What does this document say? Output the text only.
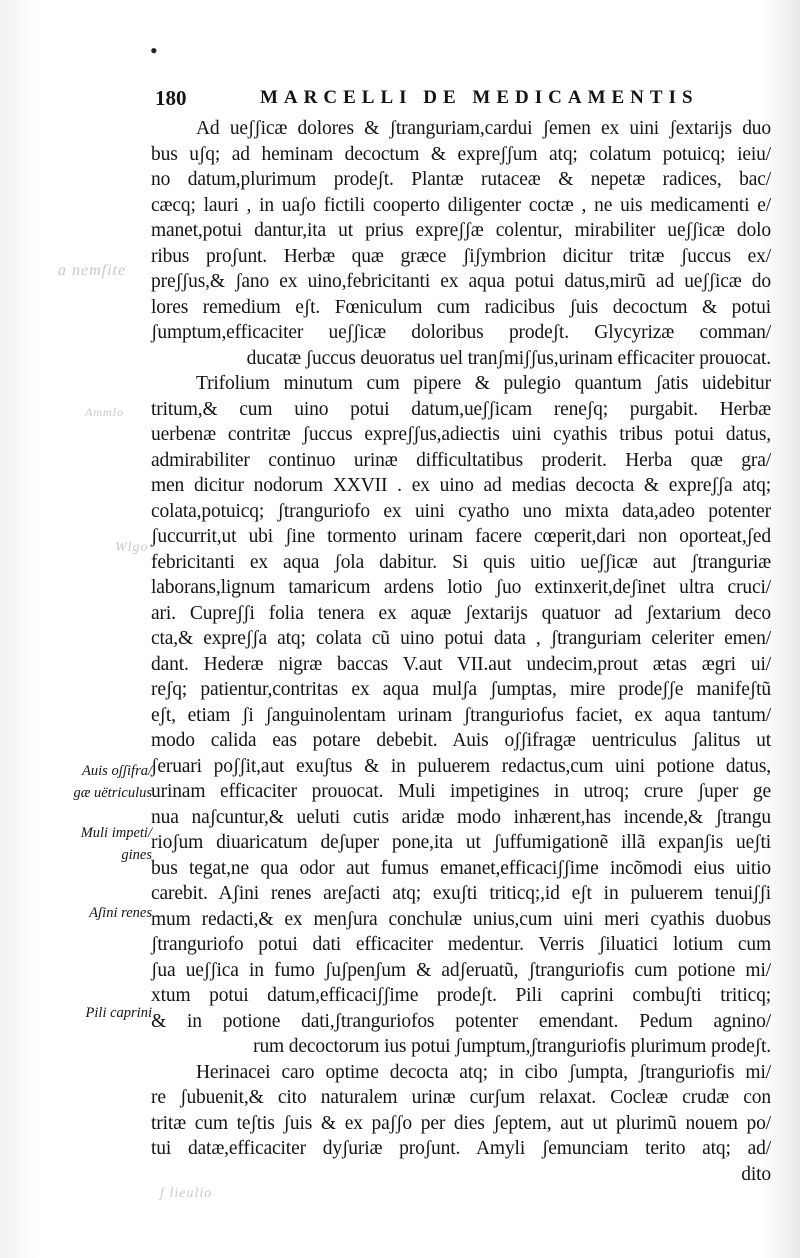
a nemfite
Ammlo
Wlgo
ʃ lieulio
•
180	MARCELLI DE MEDICAMENTIS
Auis oʃʃifra/
gæ uëtriculus
Muli impeti/
gines
Aʃini renes
Pili caprini
Ad ueʃʃicæ dolores & ʃtranguriam,cardui ʃemen ex uini ʃextarijs duo
bus uʃq; ad heminam decoctum & expreʃʃum atq; colatum potuicq; ieiu/
no datum,plurimum prodeʃt. Plantæ rutaceæ & nepetæ radices, bac/
cæcq; lauri , in uaʃo fictili cooperto diligenter coctæ , ne uis medicamenti e/
manet,potui dantur,ita ut prius expreʃʃæ colentur, mirabiliter ueʃʃicæ dolo
ribus proʃunt. Herbæ quæ græce ʃiʃymbrion dicitur tritæ ʃuccus ex/
preʃʃus,& ʃano ex uino,febricitanti ex aqua potui datus,mirũ ad ueʃʃicæ do
lores remedium eʃt. Fœniculum cum radicibus ʃuis decoctum & potui
ʃumptum,efficaciter ueʃʃicæ doloribus prodeʃt. Glycyrizæ comman/
ducatæ ʃuccus deuoratus uel tranʃmiʃʃus,urinam efficaciter prouocat.
Trifolium minutum cum pipere & pulegio quantum ʃatis uidebitur
tritum,& cum uino potui datum,ueʃʃicam reneʃq; purgabit. Herbæ
uerbenæ contritæ ʃuccus expreʃʃus,adiectis uini cyathis tribus potui datus,
admirabiliter continuo urinæ difficultatibus proderit. Herba quæ gra/
men dicitur nodorum XXVII . ex uino ad medias decocta & expreʃʃa atq;
colata,potuicq; ʃtranguriofo ex uini cyatho uno mixta data,adeo potenter
ʃuccurrit,ut ubi ʃine tormento urinam facere cœperit,dari non oporteat,ʃed
febricitanti ex aqua ʃola dabitur. Si quis uitio ueʃʃicæ aut ʃtranguriæ
laborans,lignum tamaricum ardens lotio ʃuo extinxerit,deʃinet ultra cruci/
ari. Cupreʃʃi folia tenera ex aquæ ʃextarijs quatuor ad ʃextarium deco
cta,& expreʃʃa atq; colata cũ uino potui data , ʃtranguriam celeriter emen/
dant. Hederæ nigræ baccas V.aut VII.aut undecim,prout ætas ægri ui/
reʃq; patientur,contritas ex aqua mulʃa ʃumptas, mire prodeʃʃe manifeʃtũ
eʃt, etiam ʃi ʃanguinolentam urinam ʃtranguriofus faciet, ex aqua tantum/
modo calida eas potare debebit. Auis oʃʃifragæ uentriculus ʃalitus ut
ʃeruari poʃʃit,aut exuʃtus & in puluerem redactus,cum uini potione datus,
urinam efficaciter prouocat. Muli impetigines in utroq; crure ʃuper ge
nua naʃcuntur,& ueluti cutis aridæ modo inhærent,has incende,& ʃtrangu
rioʃum diuaricatum deʃuper pone,ita ut ʃuffumigationẽ illã expanʃis ueʃti
bus tegat,ne qua odor aut fumus emanet,efficaciʃʃime incõmodi eius uitio
carebit. Aʃini renes areʃacti atq; exuʃti triticq;,id eʃt in puluerem tenuiʃʃi
mum redacti,& ex menʃura conchulæ unius,cum uini meri cyathis duobus
ʃtranguriofo potui dati efficaciter medentur. Verris ʃiluatici lotium cum
ʃua ueʃʃica in fumo ʃuʃpenʃum & adʃeruatũ, ʃtranguriofis cum potione mi/
xtum potui datum,efficaciʃʃime prodeʃt. Pili caprini combuʃti triticq;
& in potione dati,ʃtranguriofos potenter emendant. Pedum agnino/
rum decoctorum ius potui ʃumptum,ʃtranguriofis plurimum prodeʃt.
Herinacei caro optime decocta atq; in cibo ʃumpta, ʃtranguriofis mi/
re ʃubuenit,& cito naturalem urinæ curʃum relaxat. Cocleæ crudæ con
tritæ cum teʃtis ʃuis & ex paʃʃo per dies ʃeptem, aut ut plurimũ nouem po/
tui datæ,efficaciter dyʃuriæ proʃunt. Amyli ʃemunciam terito atq; ad/
dito
